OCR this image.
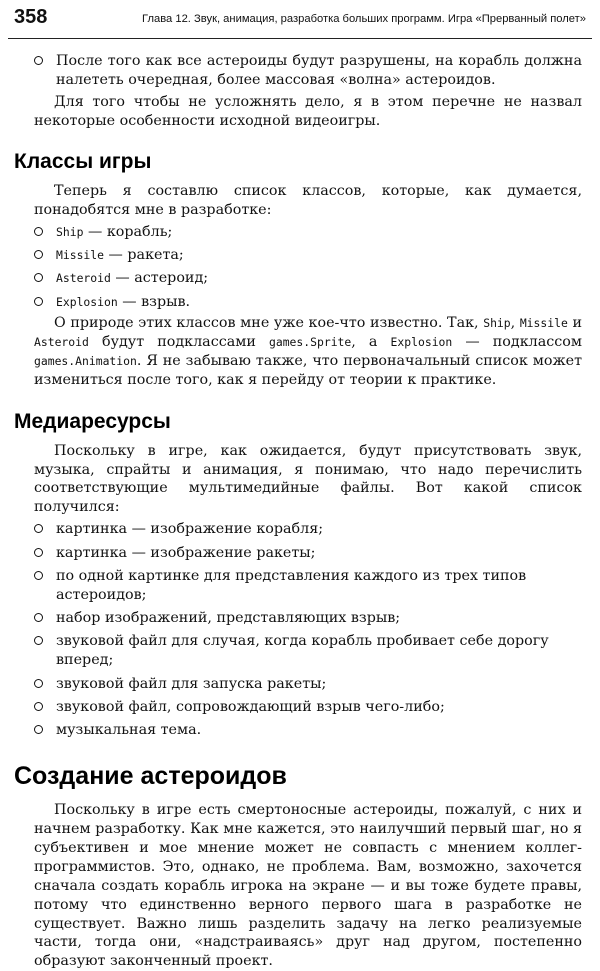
358	Глава 12. Звук, анимация, разработка больших программ. Игра «Прерванный полет»
После того как все астероиды будут разрушены, на корабль должна налететь очередная, более массовая «волна» астероидов.

Для того чтобы не усложнять дело, я в этом перечне не назвал некоторые особенности исходной видеоигры.

Классы игры

Теперь я составлю список классов, которые, как думается, понадобятся мне в разработке:

Ship — корабль;
Missile — ракета;
Asteroid — астероид;
Explosion — взрыв.

О природе этих классов мне уже кое-что известно. Так, Ship, Missile и Asteroid будут подклассами games.Sprite, а Explosion — подклассом games.Animation. Я не забываю также, что первоначальный список может измениться после того, как я перейду от теории к практике.

Медиаресурсы

Поскольку в игре, как ожидается, будут присутствовать звук, музыка, спрайты и анимация, я понимаю, что надо перечислить соответствующие мультимедийные файлы. Вот какой список получился:

картинка — изображение корабля;
картинка — изображение ракеты;
по одной картинке для представления каждого из трех типов астероидов;
набор изображений, представляющих взрыв;
звуковой файл для случая, когда корабль пробивает себе дорогу вперед;
звуковой файл для запуска ракеты;
звуковой файл, сопровождающий взрыв чего-либо;
музыкальная тема.
Создание астероидов

Поскольку в игре есть смертоносные астероиды, пожалуй, с них и начнем разработку. Как мне кажется, это наилучший первый шаг, но я субъективен и мое мнение может не совпасть с мнением коллег-программистов. Это, однако, не проблема. Вам, возможно, захочется сначала создать корабль игрока на экране — и вы тоже будете правы, потому что единственно верного первого шага в разработке не существует. Важно лишь разделить задачу на легко реализуемые части, тогда они, «надстраиваясь» друг над другом, постепенно образуют законченный проект.
